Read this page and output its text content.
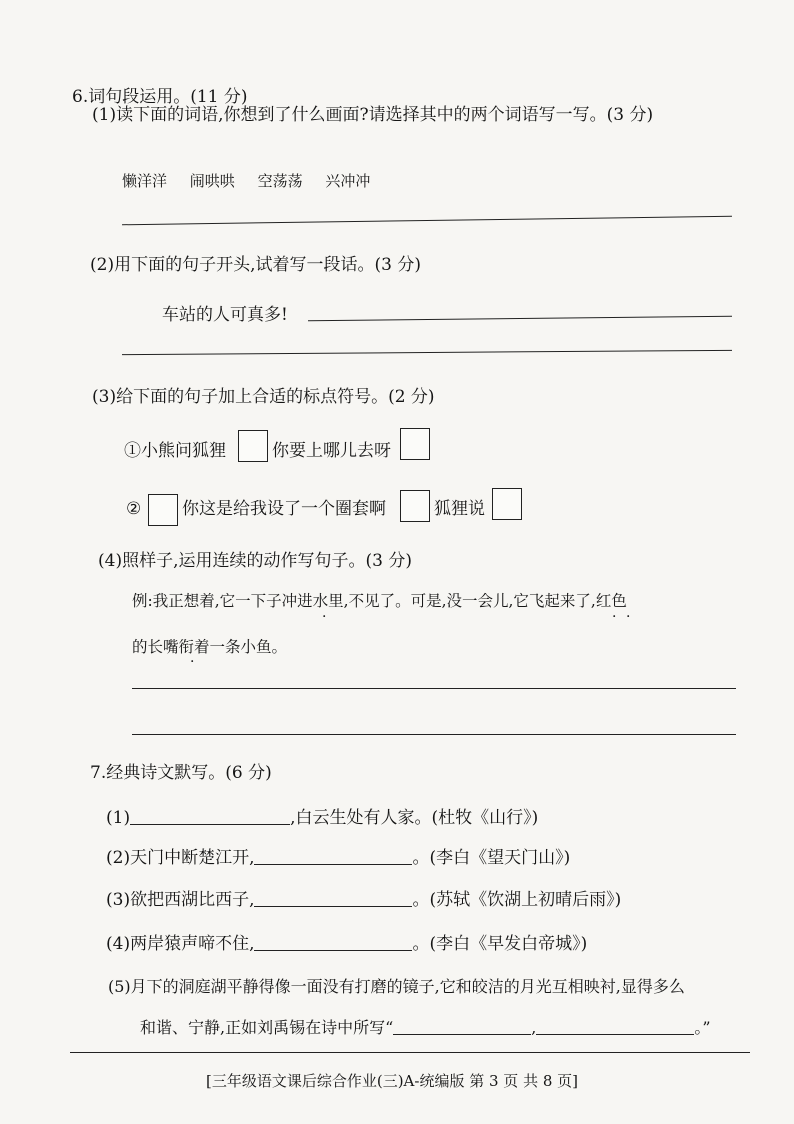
6.词句段运用。(11 分)
(1)读下面的词语,你想到了什么画面?请选择其中的两个词语写一写。(3 分)
懒洋洋 闹哄哄 空荡荡 兴冲冲
(2)用下面的句子开头,试着写一段话。(3 分)
车站的人可真多!
(3)给下面的句子加上合适的标点符号。(2 分)
①小熊问狐狸	你要上哪儿去呀
② 你这是给我设了一个圈套啊	狐狸说
(4)照样子,运用连续的动作写句子。(3 分)
例:我正想着,它一下子冲进水里,不见了。可是,没一会儿,它飞起来了,红色
·	· ·
的长嘴衔着一条小鱼。
·
7.经典诗文默写。(6 分)
(1)	,白云生处有人家。(杜牧《山行》)
(2)天门中断楚江开,	。(李白《望天门山》)
(3)欲把西湖比西子,	。(苏轼《饮湖上初晴后雨》)
(4)两岸猿声啼不住,	。(李白《早发白帝城》)
(5)月下的洞庭湖平静得像一面没有打磨的镜子,它和皎洁的月光互相映衬,显得多么
和谐、宁静,正如刘禹锡在诗中所写“	,	。”
[三年级语文课后综合作业(三)A-统编版 第 3 页 共 8 页]
